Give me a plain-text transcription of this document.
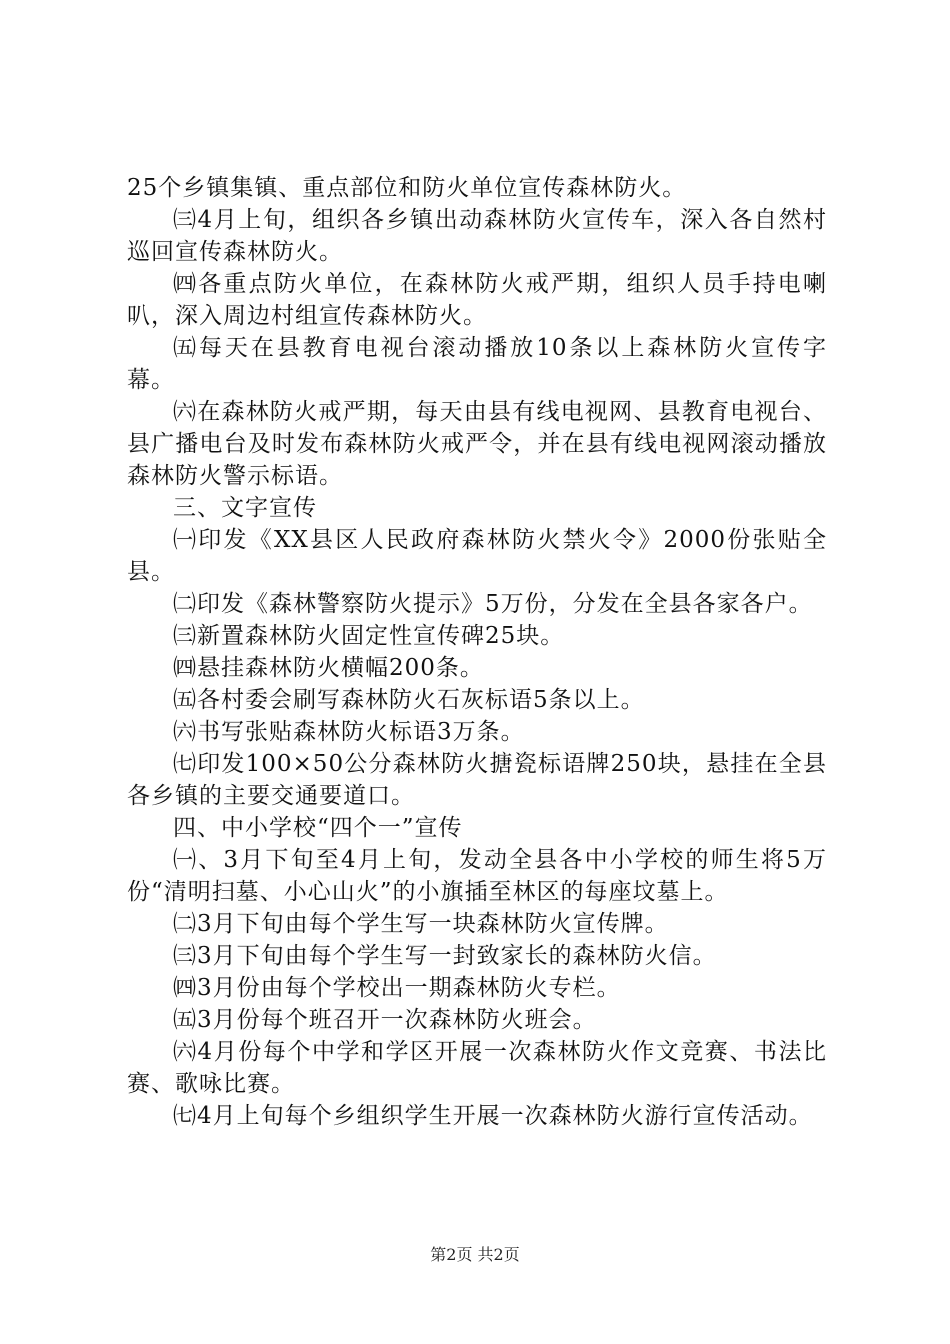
25个乡镇集镇、重点部位和防火单位宣传森林防火。

㈢4月上旬，组织各乡镇出动森林防火宣传车，深入各自然村巡回宣传森林防火。

㈣各重点防火单位，在森林防火戒严期，组织人员手持电喇叭，深入周边村组宣传森林防火。

㈤每天在县教育电视台滚动播放10条以上森林防火宣传字幕。

㈥在森林防火戒严期，每天由县有线电视网、县教育电视台、县广播电台及时发布森林防火戒严令，并在县有线电视网滚动播放森林防火警示标语。

三、文字宣传

㈠印发《XX县区人民政府森林防火禁火令》2000份张贴全县。

㈡印发《森林警察防火提示》5万份，分发在全县各家各户。

㈢新置森林防火固定性宣传碑25块。

㈣悬挂森林防火横幅200条。

㈤各村委会刷写森林防火石灰标语5条以上。

㈥书写张贴森林防火标语3万条。

㈦印发100×50公分森林防火搪瓷标语牌250块，悬挂在全县各乡镇的主要交通要道口。

四、中小学校“四个一”宣传

㈠、3月下旬至4月上旬，发动全县各中小学校的师生将5万份“清明扫墓、小心山火”的小旗插至林区的每座坟墓上。

㈡3月下旬由每个学生写一块森林防火宣传牌。

㈢3月下旬由每个学生写一封致家长的森林防火信。

㈣3月份由每个学校出一期森林防火专栏。

㈤3月份每个班召开一次森林防火班会。

㈥4月份每个中学和学区开展一次森林防火作文竞赛、书法比赛、歌咏比赛。

㈦4月上旬每个乡组织学生开展一次森林防火游行宣传活动。

第2页 共2页
